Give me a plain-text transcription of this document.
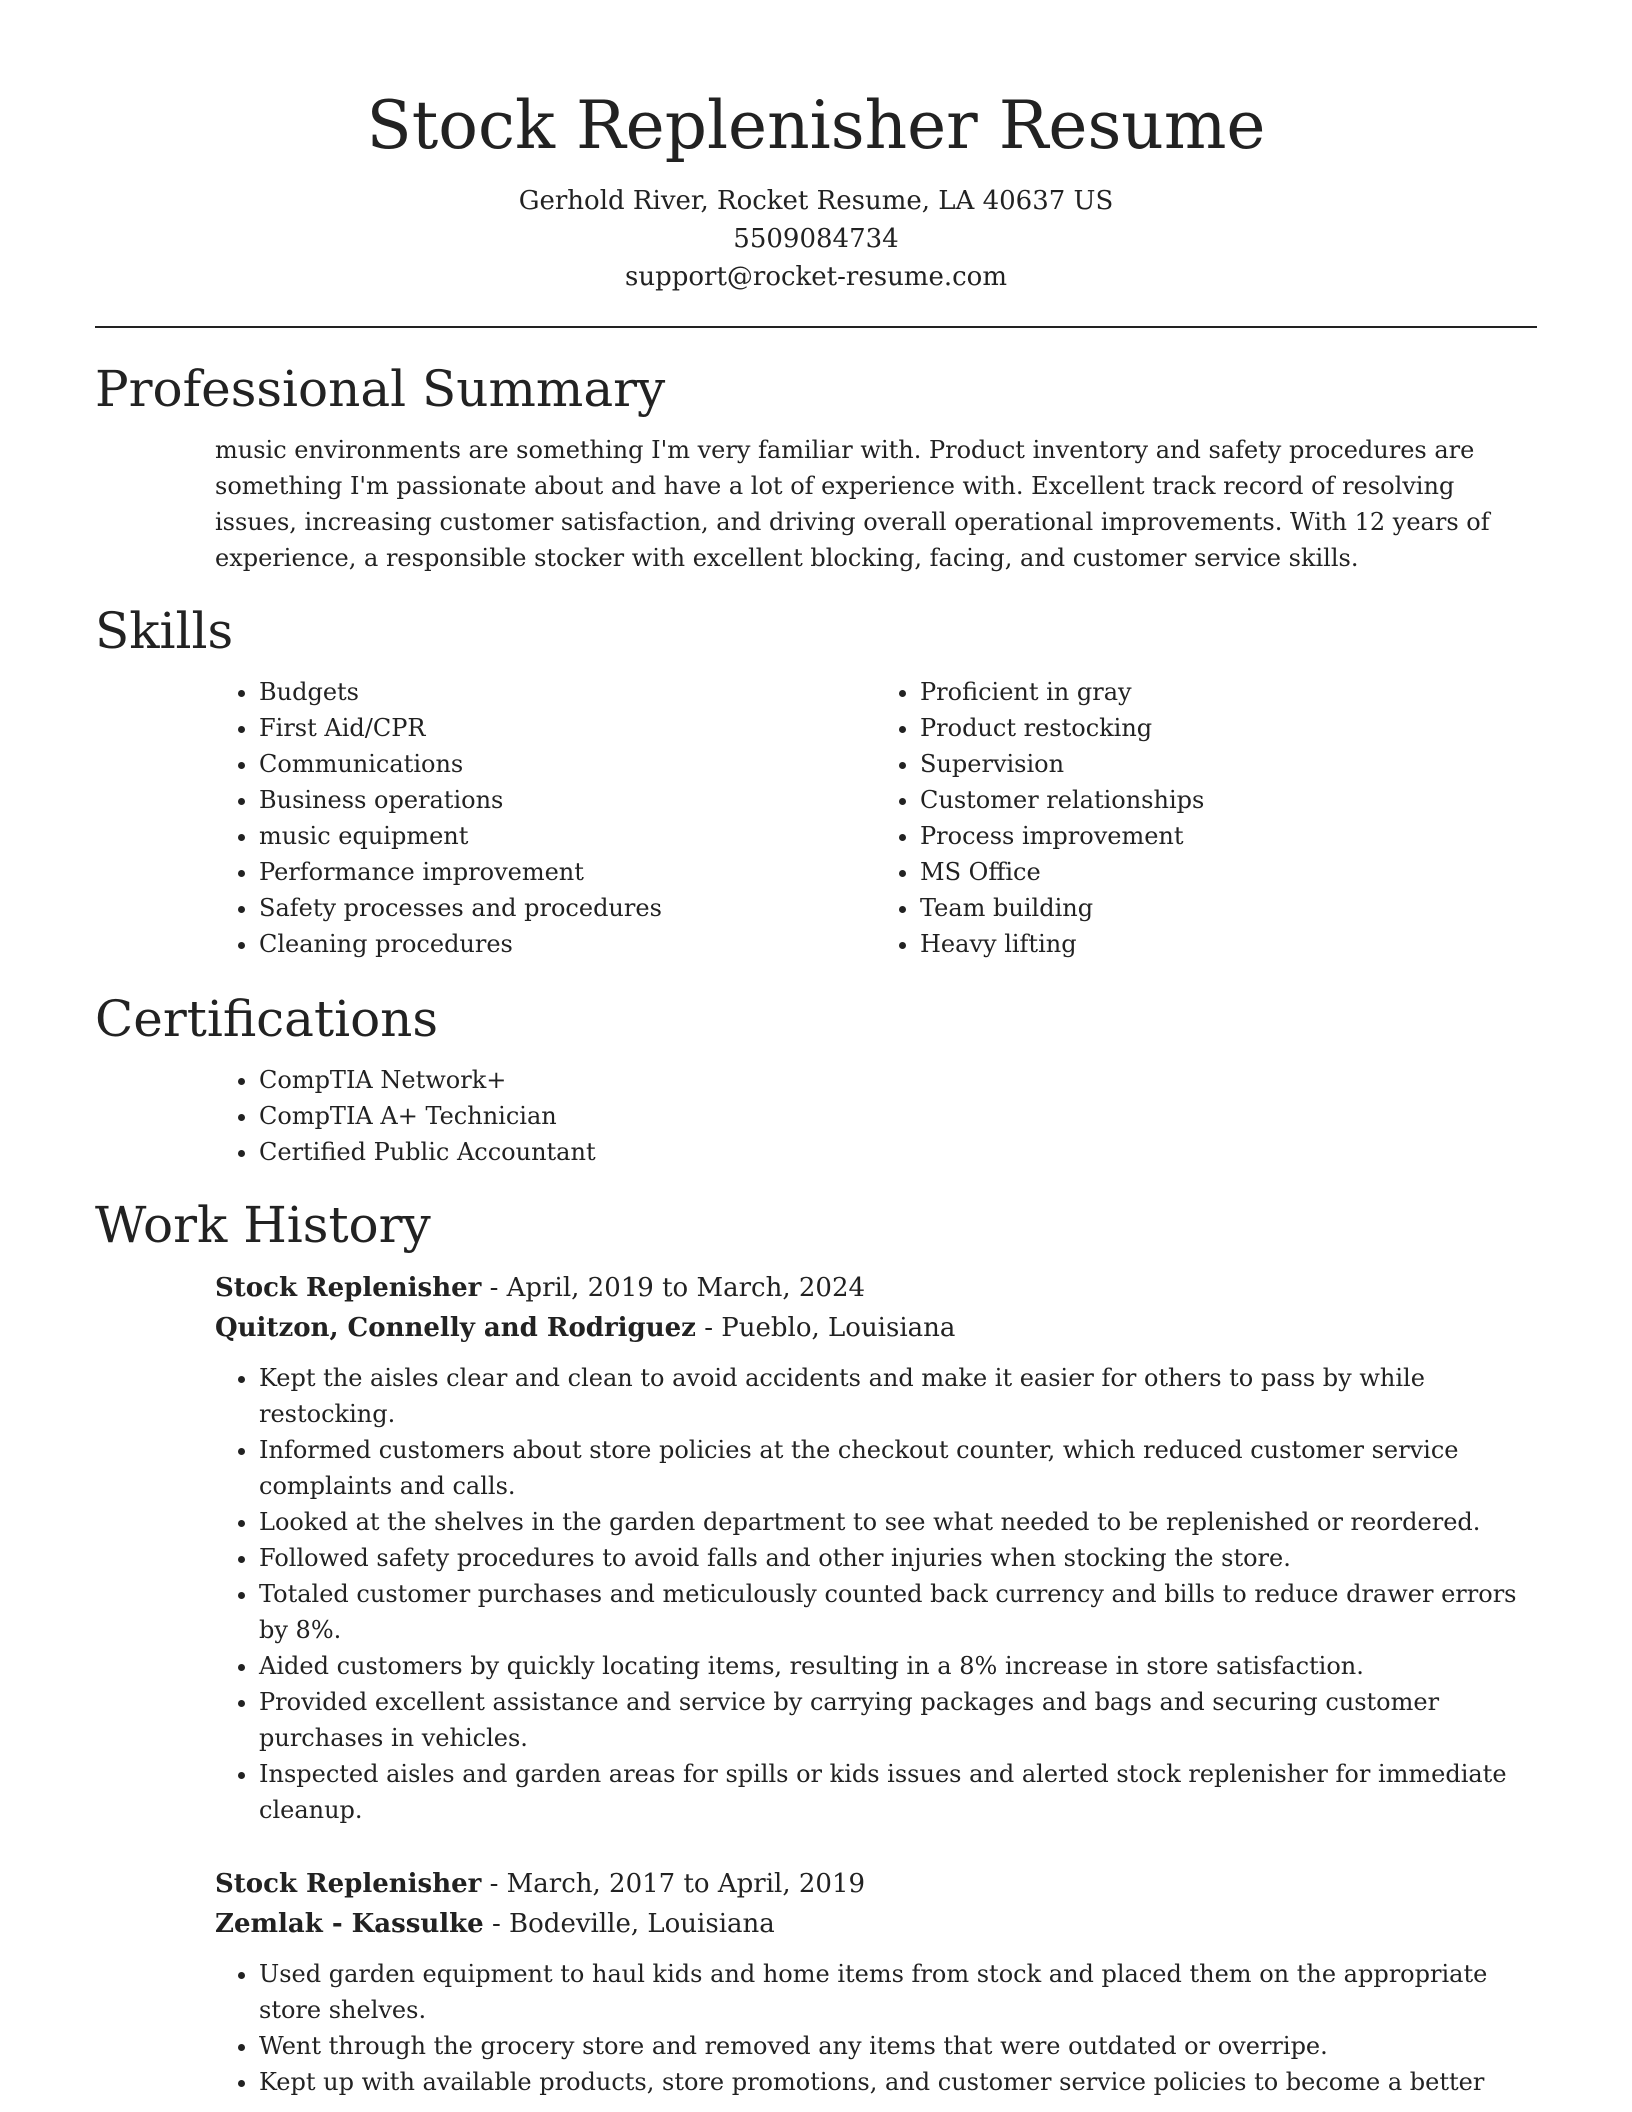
Stock Replenisher Resume
Gerhold River, Rocket Resume, LA 40637 US
5509084734
support@rocket-resume.com
Professional Summary

music environments are something I'm very familiar with. Product inventory and safety procedures are something I'm passionate about and have a lot of experience with. Excellent track record of resolving issues, increasing customer satisfaction, and driving overall operational improvements. With 12 years of experience, a responsible stocker with excellent blocking, facing, and customer service skills.

Skills
• Budgets
• First Aid/CPR
• Communications
• Business operations
• music equipment
• Performance improvement
• Safety processes and procedures
• Cleaning procedures
• Proficient in gray
• Product restocking
• Supervision
• Customer relationships
• Process improvement
• MS Office
• Team building
• Heavy lifting
Certifications
• CompTIA Network+
• CompTIA A+ Technician
• Certified Public Accountant
Work History
Stock Replenisher - April, 2019 to March, 2024
Quitzon, Connelly and Rodriguez - Pueblo, Louisiana
• Kept the aisles clear and clean to avoid accidents and make it easier for others to pass by while restocking.
• Informed customers about store policies at the checkout counter, which reduced customer service complaints and calls.
• Looked at the shelves in the garden department to see what needed to be replenished or reordered.
• Followed safety procedures to avoid falls and other injuries when stocking the store.
• Totaled customer purchases and meticulously counted back currency and bills to reduce drawer errors by 8%.
• Aided customers by quickly locating items, resulting in a 8% increase in store satisfaction.
• Provided excellent assistance and service by carrying packages and bags and securing customer purchases in vehicles.
• Inspected aisles and garden areas for spills or kids issues and alerted stock replenisher for immediate cleanup.
Stock Replenisher - March, 2017 to April, 2019
Zemlak - Kassulke - Bodeville, Louisiana
• Used garden equipment to haul kids and home items from stock and placed them on the appropriate store shelves.
• Went through the grocery store and removed any items that were outdated or overripe.
• Kept up with available products, store promotions, and customer service policies to become a better
